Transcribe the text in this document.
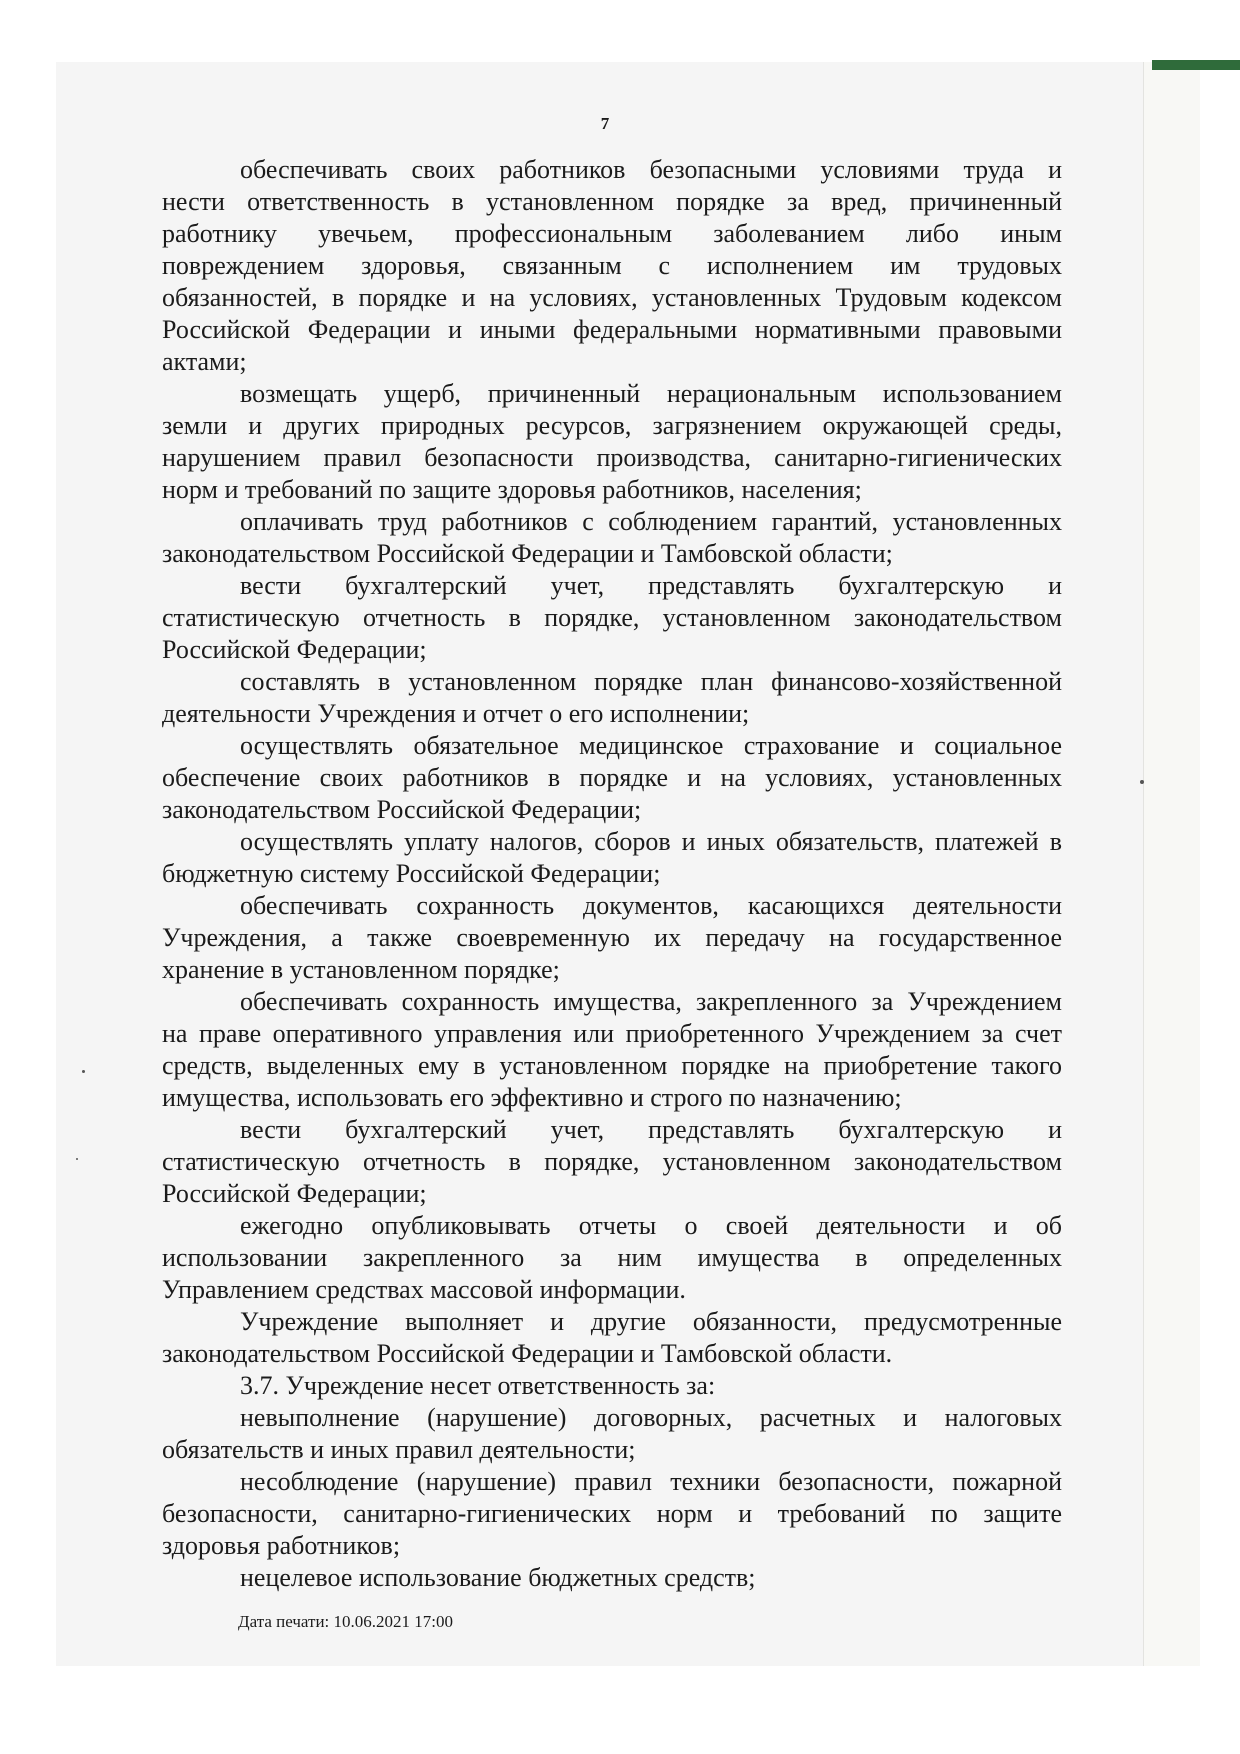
7
обеспечивать своих работников безопасными условиями труда и
нести ответственность в установленном порядке за вред, причиненный
работнику увечьем, профессиональным заболеванием либо иным
повреждением здоровья, связанным с исполнением им трудовых
обязанностей, в порядке и на условиях, установленных Трудовым кодексом
Российской Федерации и иными федеральными нормативными правовыми
актами;
возмещать ущерб, причиненный нерациональным использованием
земли и других природных ресурсов, загрязнением окружающей среды,
нарушением правил безопасности производства, санитарно-гигиенических
норм и требований по защите здоровья работников, населения;
оплачивать труд работников с соблюдением гарантий, установленных
законодательством Российской Федерации и Тамбовской области;
вести бухгалтерский учет, представлять бухгалтерскую и
статистическую отчетность в порядке, установленном законодательством
Российской Федерации;
составлять в установленном порядке план финансово-хозяйственной
деятельности Учреждения и отчет о его исполнении;
осуществлять обязательное медицинское страхование и социальное
обеспечение своих работников в порядке и на условиях, установленных
законодательством Российской Федерации;
осуществлять уплату налогов, сборов и иных обязательств, платежей в
бюджетную систему Российской Федерации;
обеспечивать сохранность документов, касающихся деятельности
Учреждения, а также своевременную их передачу на государственное
хранение в установленном порядке;
обеспечивать сохранность имущества, закрепленного за Учреждением
на праве оперативного управления или приобретенного Учреждением за счет
средств, выделенных ему в установленном порядке на приобретение такого
имущества, использовать его эффективно и строго по назначению;
вести бухгалтерский учет, представлять бухгалтерскую и
статистическую отчетность в порядке, установленном законодательством
Российской Федерации;
ежегодно опубликовывать отчеты о своей деятельности и об
использовании закрепленного за ним имущества в определенных
Управлением средствах массовой информации.
Учреждение выполняет и другие обязанности, предусмотренные
законодательством Российской Федерации и Тамбовской области.
3.7. Учреждение несет ответственность за:
невыполнение (нарушение) договорных, расчетных и налоговых
обязательств и иных правил деятельности;
несоблюдение (нарушение) правил техники безопасности, пожарной
безопасности, санитарно-гигиенических норм и требований по защите
здоровья работников;
нецелевое использование бюджетных средств;
Дата печати: 10.06.2021 17:00
